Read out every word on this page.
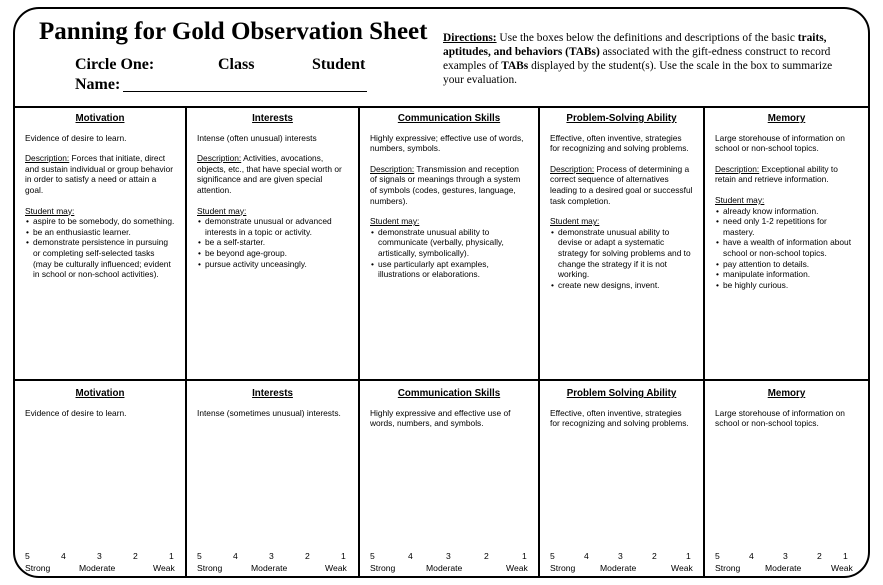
Panning for Gold Observation Sheet
Circle One:	Class	Student
Name:
Directions: Use the boxes below the definitions and descriptions of the basic traits, aptitudes, and behaviors (TABs) associated with the gift-edness construct to record examples of TABs displayed by the student(s). Use the scale in the box to summarize your evaluation.
Motivation

Evidence of desire to learn.

Description: Forces that initiate, direct and sustain individual or group behavior in order to satisfy a need or attain a goal.

Student may:
• aspire to be somebody, do something.
• be an enthusiastic learner.
• demonstrate persistence in pursuing or completing self-selected tasks (may be culturally influenced; evident in school or non-school activities).
Interests

Intense (often unusual) interests

Description: Activities, avocations, objects, etc., that have special worth or significance and are given special attention.

Student may:
• demonstrate unusual or advanced interests in a topic or activity.
• be a self-starter.
• be beyond age-group.
• pursue activity unceasingly.
Communication Skills

Highly expressive; effective use of words, numbers, symbols.

Description: Transmission and reception of signals or meanings through a system of symbols (codes, gestures, language, numbers).

Student may:
• demonstrate unusual ability to communicate (verbally, physically, artistically, symbolically).
• use particularly apt examples, illustrations or elaborations.
Problem-Solving Ability

Effective, often inventive, strategies for recognizing and solving problems.

Description: Process of determining a correct sequence of alternatives leading to a desired goal or successful task completion.

Student may:
• demonstrate unusual ability to devise or adapt a systematic strategy for solving problems and to change the strategy if it is not working.
• create new designs, invent.
Memory

Large storehouse of information on school or non-school topics.

Description: Exceptional ability to retain and retrieve information.

Student may:
• already know information.
• need only 1-2 repetitions for mastery.
• have a wealth of information about school or non-school topics.
• pay attention to details.
• manipulate information.
• be highly curious.
Motivation

Evidence of desire to learn.

5	4	3	2	1
Strong	Moderate	Weak
Interests

Intense (sometimes unusual) interests.

5	4	3	2	1
Strong	Moderate	Weak
Communication Skills

Highly expressive and effective use of words, numbers, and symbols.

5	4	3	2	1
Strong	Moderate	Weak
Problem Solving Ability

Effective, often inventive, strategies for recognizing and solving problems.

5	4	3	2	1
Strong	Moderate	Weak
Memory

Large storehouse of information on school or non-school topics.

5	4	3	2 1
Strong	Moderate	Weak
